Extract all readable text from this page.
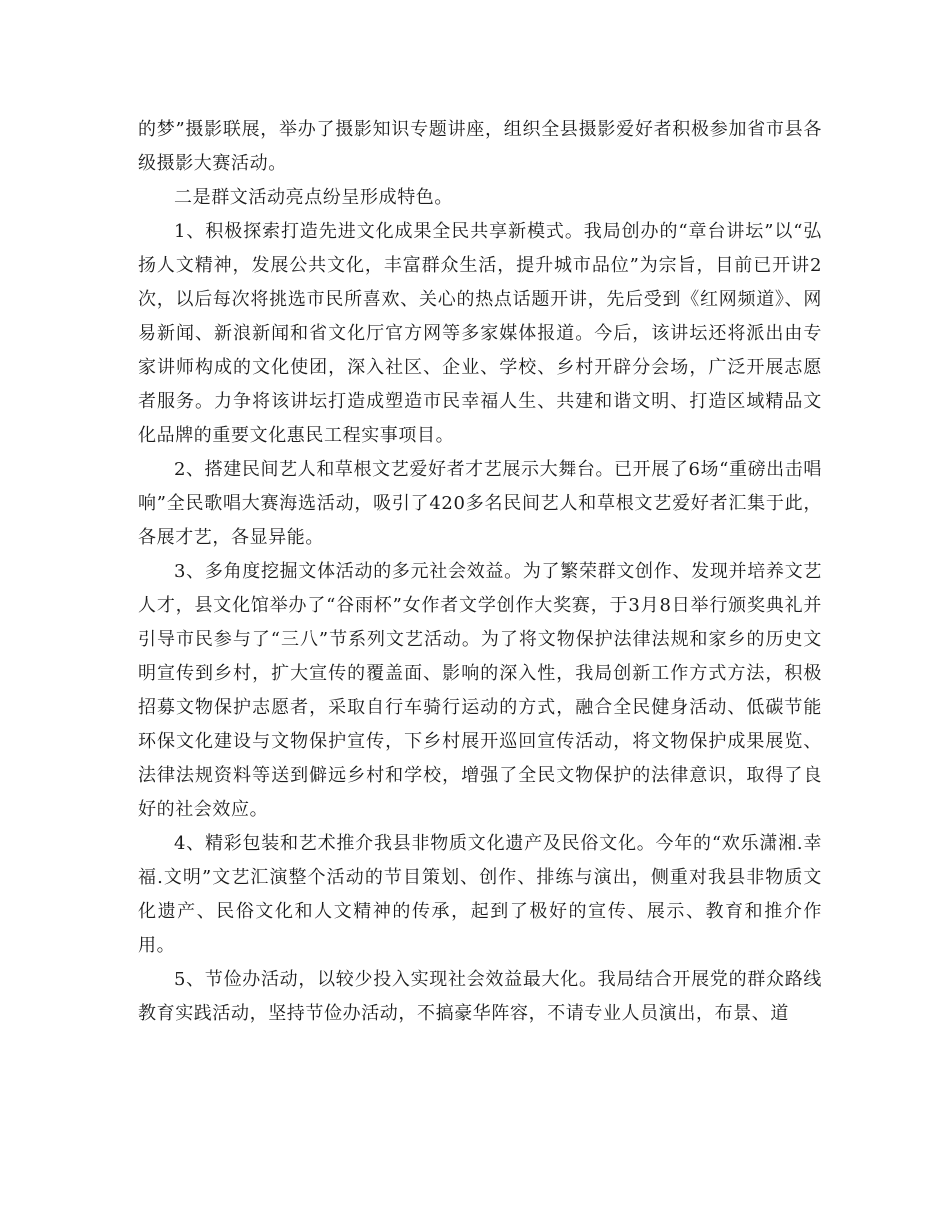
的梦”摄影联展，举办了摄影知识专题讲座，组织全县摄影爱好者积极参加省市县各级摄影大赛活动。

二是群文活动亮点纷呈形成特色。

1、积极探索打造先进文化成果全民共享新模式。我局创办的“章台讲坛”以“弘扬人文精神，发展公共文化，丰富群众生活，提升城市品位”为宗旨，目前已开讲2次，以后每次将挑选市民所喜欢、关心的热点话题开讲，先后受到《红网频道》、网易新闻、新浪新闻和省文化厅官方网等多家媒体报道。今后，该讲坛还将派出由专家讲师构成的文化使团，深入社区、企业、学校、乡村开辟分会场，广泛开展志愿者服务。力争将该讲坛打造成塑造市民幸福人生、共建和谐文明、打造区域精品文化品牌的重要文化惠民工程实事项目。

2、搭建民间艺人和草根文艺爱好者才艺展示大舞台。已开展了6场“重磅出击唱响”全民歌唱大赛海选活动，吸引了420多名民间艺人和草根文艺爱好者汇集于此，各展才艺，各显异能。

3、多角度挖掘文体活动的多元社会效益。为了繁荣群文创作、发现并培养文艺人才，县文化馆举办了“谷雨杯”女作者文学创作大奖赛，于3月8日举行颁奖典礼并引导市民参与了“三八”节系列文艺活动。为了将文物保护法律法规和家乡的历史文明宣传到乡村，扩大宣传的覆盖面、影响的深入性，我局创新工作方式方法，积极招募文物保护志愿者，采取自行车骑行运动的方式，融合全民健身活动、低碳节能环保文化建设与文物保护宣传，下乡村展开巡回宣传活动，将文物保护成果展览、法律法规资料等送到僻远乡村和学校，增强了全民文物保护的法律意识，取得了良好的社会效应。

4、精彩包装和艺术推介我县非物质文化遗产及民俗文化。今年的“欢乐潇湘.幸福.文明”文艺汇演整个活动的节目策划、创作、排练与演出，侧重对我县非物质文化遗产、民俗文化和人文精神的传承，起到了极好的宣传、展示、教育和推介作用。

5、节俭办活动，以较少投入实现社会效益最大化。我局结合开展党的群众路线教育实践活动，坚持节俭办活动，不搞豪华阵容，不请专业人员演出，布景、道
